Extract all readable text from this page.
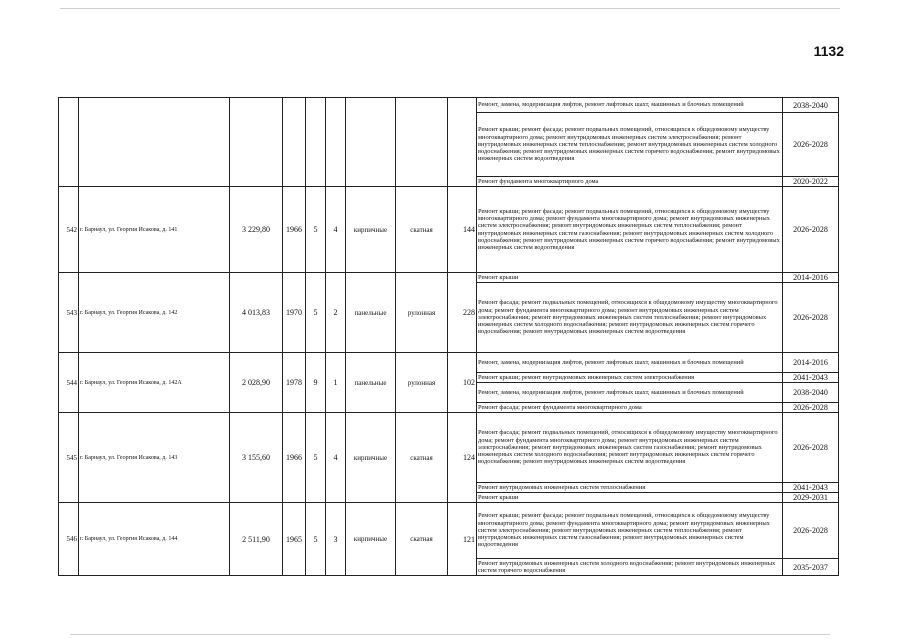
1132
									Ремонт, замена, модернизация лифтов, ремонт лифтовых шахт, машинных и блочных помещений	2038-2040
									Ремонт крыши; ремонт фасада; ремонт подвальных помещений, относящихся к общедомовому имуществу многоквартирного дома; ремонт внутридомовых инженерных систем электроснабжения; ремонт внутридомовых инженерных систем теплоснабжения; ремонт внутридомовых инженерных систем холодного водоснабжения; ремонт внутридомовых инженерных систем горячего водоснабжения; ремонт внутридомовых инженерных систем водоотведения	2026-2028
									Ремонт фундамента многоквартирного дома	2020-2022
542	г. Барнаул, ул. Георгия Исакова, д. 141	3 229,80	1966	5	4	кирпичные	скатная	144	Ремонт крыши; ремонт фасада; ремонт подвальных помещений, относящихся к общедомовому имуществу многоквартирного дома; ремонт фундамента многоквартирного дома; ремонт внутридомовых инженерных систем электроснабжения; ремонт внутридомовых инженерных систем теплоснабжения; ремонт внутридомовых инженерных систем газоснабжения; ремонт внутридомовых инженерных систем холодного водоснабжения; ремонт внутридомовых инженерных систем горячего водоснабжения; ремонт внутридомовых инженерных систем водоотведения	2026-2028
543	г. Барнаул, ул. Георгия Исакова, д. 142	4 013,83	1970	5	2	панельные	рулонная	228	Ремонт крыши	2014-2016
									Ремонт фасада; ремонт подвальных помещений, относящихся к общедомовому имуществу многоквартирного дома; ремонт фундамента многоквартирного дома; ремонт внутридомовых инженерных систем электроснабжения; ремонт внутридомовых инженерных систем теплоснабжения; ремонт внутридомовых инженерных систем холодного водоснабжения; ремонт внутридомовых инженерных систем горячего водоснабжения; ремонт внутридомовых инженерных систем водоотведения	2026-2028
544	г. Барнаул, ул. Георгия Исакова, д. 142А	2 028,90	1978	9	1	панельные	рулонная	102	Ремонт, замена, модернизация лифтов, ремонт лифтовых шахт, машинных и блочных помещений	2014-2016
									Ремонт крыши; ремонт внутридомовых инженерных систем электроснабжения	2041-2043
									Ремонт, замена, модернизация лифтов, ремонт лифтовых шахт, машинных и блочных помещений	2038-2040
									Ремонт фасада; ремонт фундамента многоквартирного дома	2026-2028
545	г. Барнаул, ул. Георгия Исакова, д. 143	3 155,60	1966	5	4	кирпичные	скатная	124	Ремонт фасада; ремонт подвальных помещений, относящихся к общедомовому имуществу многоквартирного дома; ремонт фундамента многоквартирного дома; ремонт внутридомовых инженерных систем электроснабжения; ремонт внутридомовых инженерных систем газоснабжения; ремонт внутридомовых инженерных систем холодного водоснабжения; ремонт внутридомовых инженерных систем горячего водоснабжения; ремонт внутридомовых инженерных систем водоотведения	2026-2028
									Ремонт внутридомовых инженерных систем теплоснабжения	2041-2043
									Ремонт крыши	2029-2031
546	г. Барнаул, ул. Георгия Исакова, д. 144	2 511,90	1965	5	3	кирпичные	скатная	121	Ремонт крыши; ремонт фасада; ремонт подвальных помещений, относящихся к общедомовому имуществу многоквартирного дома; ремонт фундамента многоквартирного дома; ремонт внутридомовых инженерных систем электроснабжения; ремонт внутридомовых инженерных систем теплоснабжения; ремонт внутридомовых инженерных систем газоснабжения; ремонт внутридомовых инженерных систем водоотведения	2026-2028
									Ремонт внутридомовых инженерных систем холодного водоснабжения; ремонт внутридомовых инженерных систем горячего водоснабжения	2035-2037
